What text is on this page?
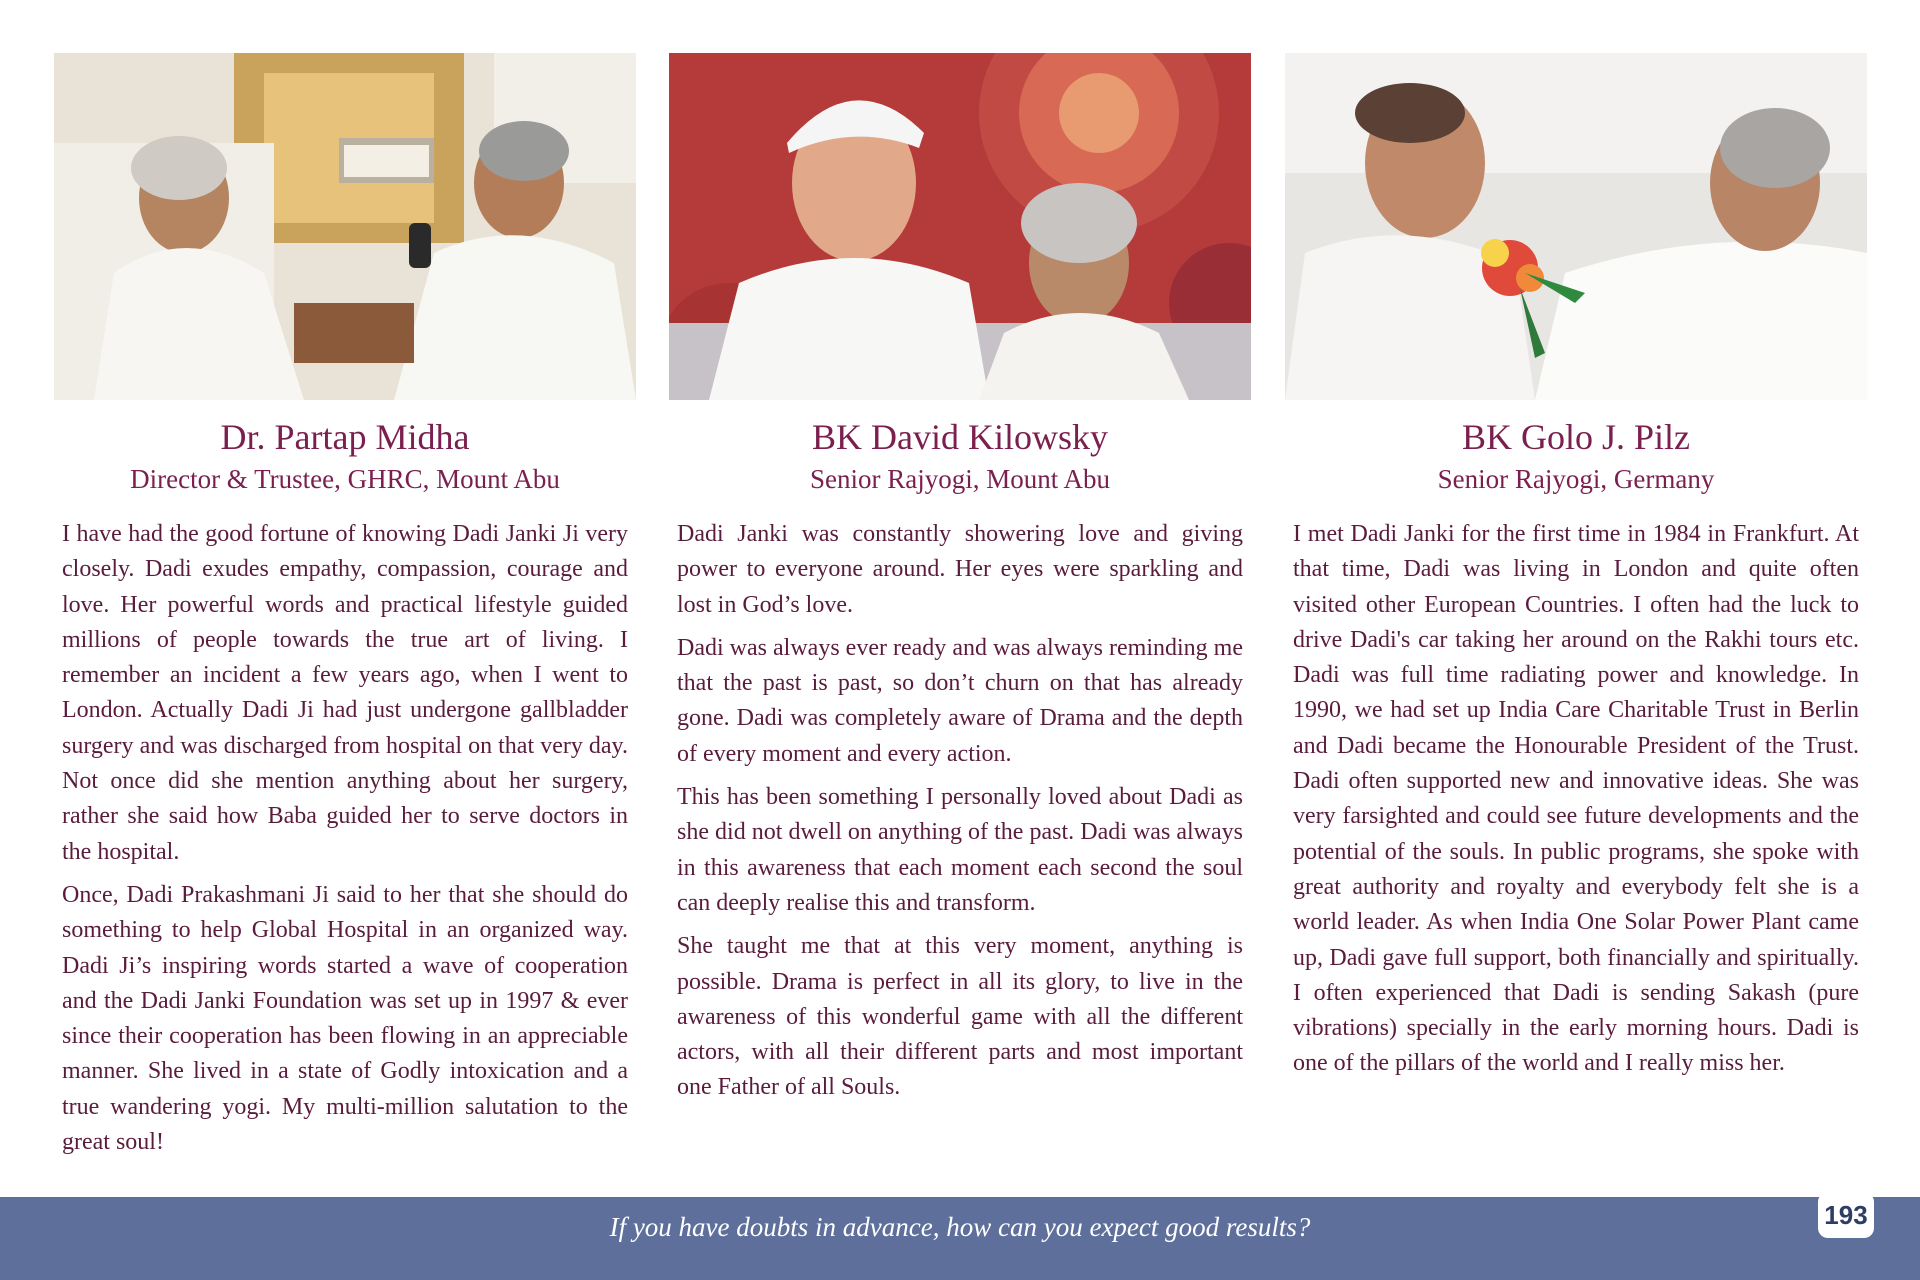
Dr. Partap Midha
Director & Trustee, GHRC, Mount Abu

I have had the good fortune of knowing Dadi Janki Ji very closely. Dadi exudes empathy, compassion, courage and love. Her powerful words and practical lifestyle guided millions of people towards the true art of living. I remember an incident a few years ago, when I went to London. Actually Dadi Ji had just undergone gallbladder surgery and was discharged from hospital on that very day. Not once did she mention anything about her surgery, rather she said how Baba guided her to serve doctors in the hospital.

Once, Dadi Prakashmani Ji said to her that she should do something to help Global Hospital in an organized way. Dadi Ji’s inspiring words started a wave of cooperation and the Dadi Janki Foundation was set up in 1997 & ever since their cooperation has been flowing in an appreciable manner. She lived in a state of Godly intoxication and a true wandering yogi. My multi-million salutation to the great soul!

BK David Kilowsky
Senior Rajyogi, Mount Abu

Dadi Janki was constantly showering love and giving power to everyone around. Her eyes were sparkling and lost in God’s love.

Dadi was always ever ready and was always reminding me that the past is past, so don’t churn on that has already gone. Dadi was completely aware of Drama and the depth of every moment and every action.

This has been something I personally loved about Dadi as she did not dwell on anything of the past. Dadi was always in this awareness that each moment each second the soul can deeply realise this and transform.

She taught me that at this very moment, anything is possible. Drama is perfect in all its glory, to live in the awareness of this wonderful game with all the different actors, with all their different parts and most important one Father of all Souls.

BK Golo J. Pilz
Senior Rajyogi, Germany

I met Dadi Janki for the first time in 1984 in Frankfurt. At that time, Dadi was living in London and quite often visited other European Countries. I often had the luck to drive Dadi's car taking her around on the Rakhi tours etc. Dadi was full time radiating power and knowledge. In 1990, we had set up India Care Charitable Trust in Berlin and Dadi became the Honourable President of the Trust. Dadi often supported new and innovative ideas. She was very farsighted and could see future developments and the potential of the souls. In public programs, she spoke with great authority and royalty and everybody felt she is a world leader. As when India One Solar Power Plant came up, Dadi gave full support, both financially and spiritually. I often experienced that Dadi is sending Sakash (pure vibrations) specially in the early morning hours. Dadi is one of the pillars of the world and I really miss her.

If you have doubts in advance, how can you expect good results?	193
